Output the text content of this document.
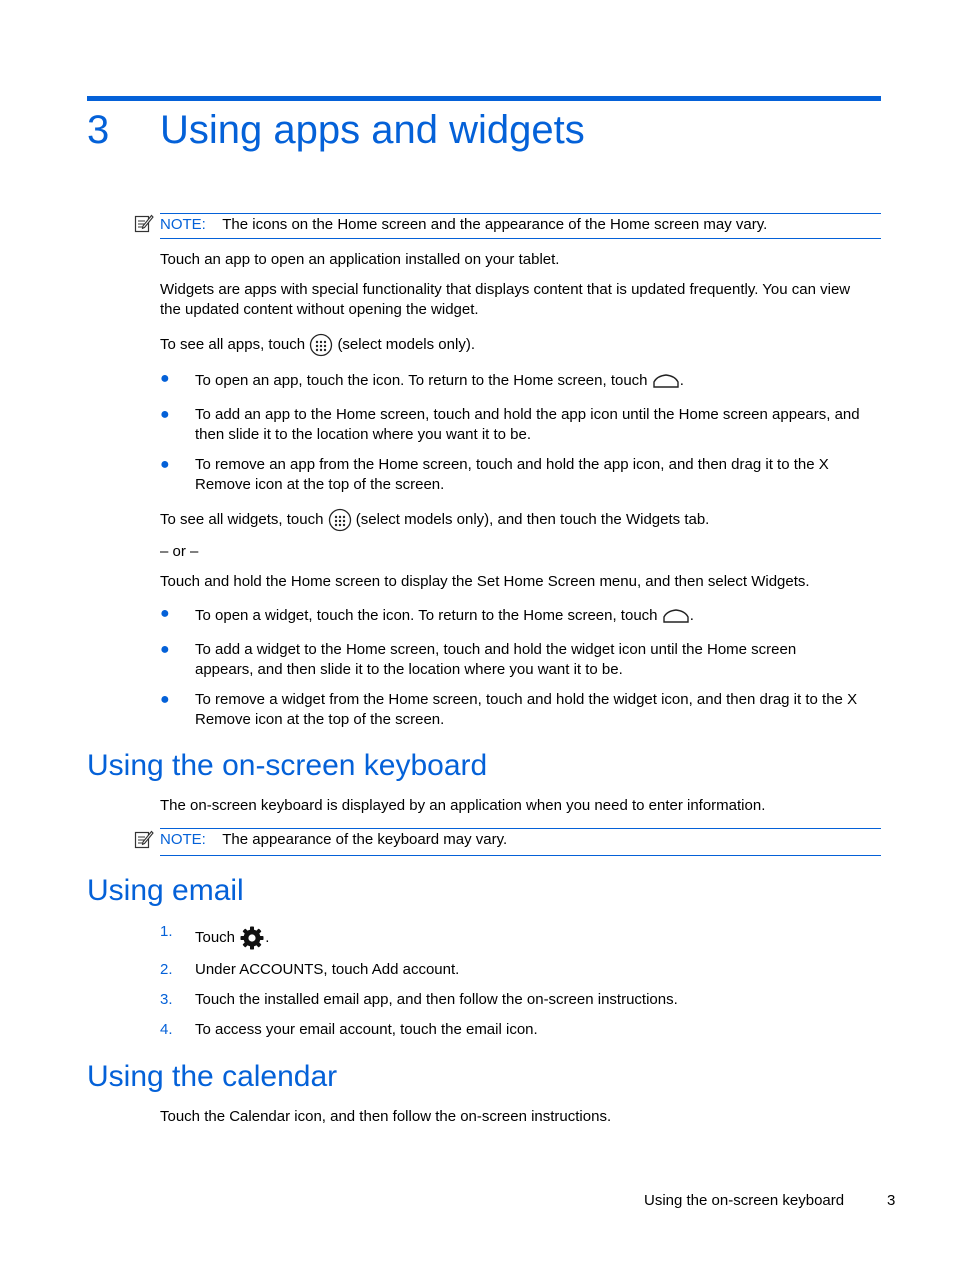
3 Using apps and widgets
NOTE: The icons on the Home screen and the appearance of the Home screen may vary.
Touch an app to open an application installed on your tablet.
Widgets are apps with special functionality that displays content that is updated frequently. You can view the updated content without opening the widget.
To see all apps, touch (select models only).
● To open an app, touch the icon. To return to the Home screen, touch .
● To add an app to the Home screen, touch and hold the app icon until the Home screen appears, and then slide it to the location where you want it to be.
● To remove an app from the Home screen, touch and hold the app icon, and then drag it to the X Remove icon at the top of the screen.
To see all widgets, touch (select models only), and then touch the Widgets tab.
– or –
Touch and hold the Home screen to display the Set Home Screen menu, and then select Widgets.
● To open a widget, touch the icon. To return to the Home screen, touch .
● To add a widget to the Home screen, touch and hold the widget icon until the Home screen appears, and then slide it to the location where you want it to be.
● To remove a widget from the Home screen, touch and hold the widget icon, and then drag it to the X Remove icon at the top of the screen.
Using the on-screen keyboard
The on-screen keyboard is displayed by an application when you need to enter information.
NOTE: The appearance of the keyboard may vary.
Using email
1. Touch .
2. Under ACCOUNTS, touch Add account.
3. Touch the installed email app, and then follow the on-screen instructions.
4. To access your email account, touch the email icon.
Using the calendar
Touch the Calendar icon, and then follow the on-screen instructions.
Using the on-screen keyboard	3
